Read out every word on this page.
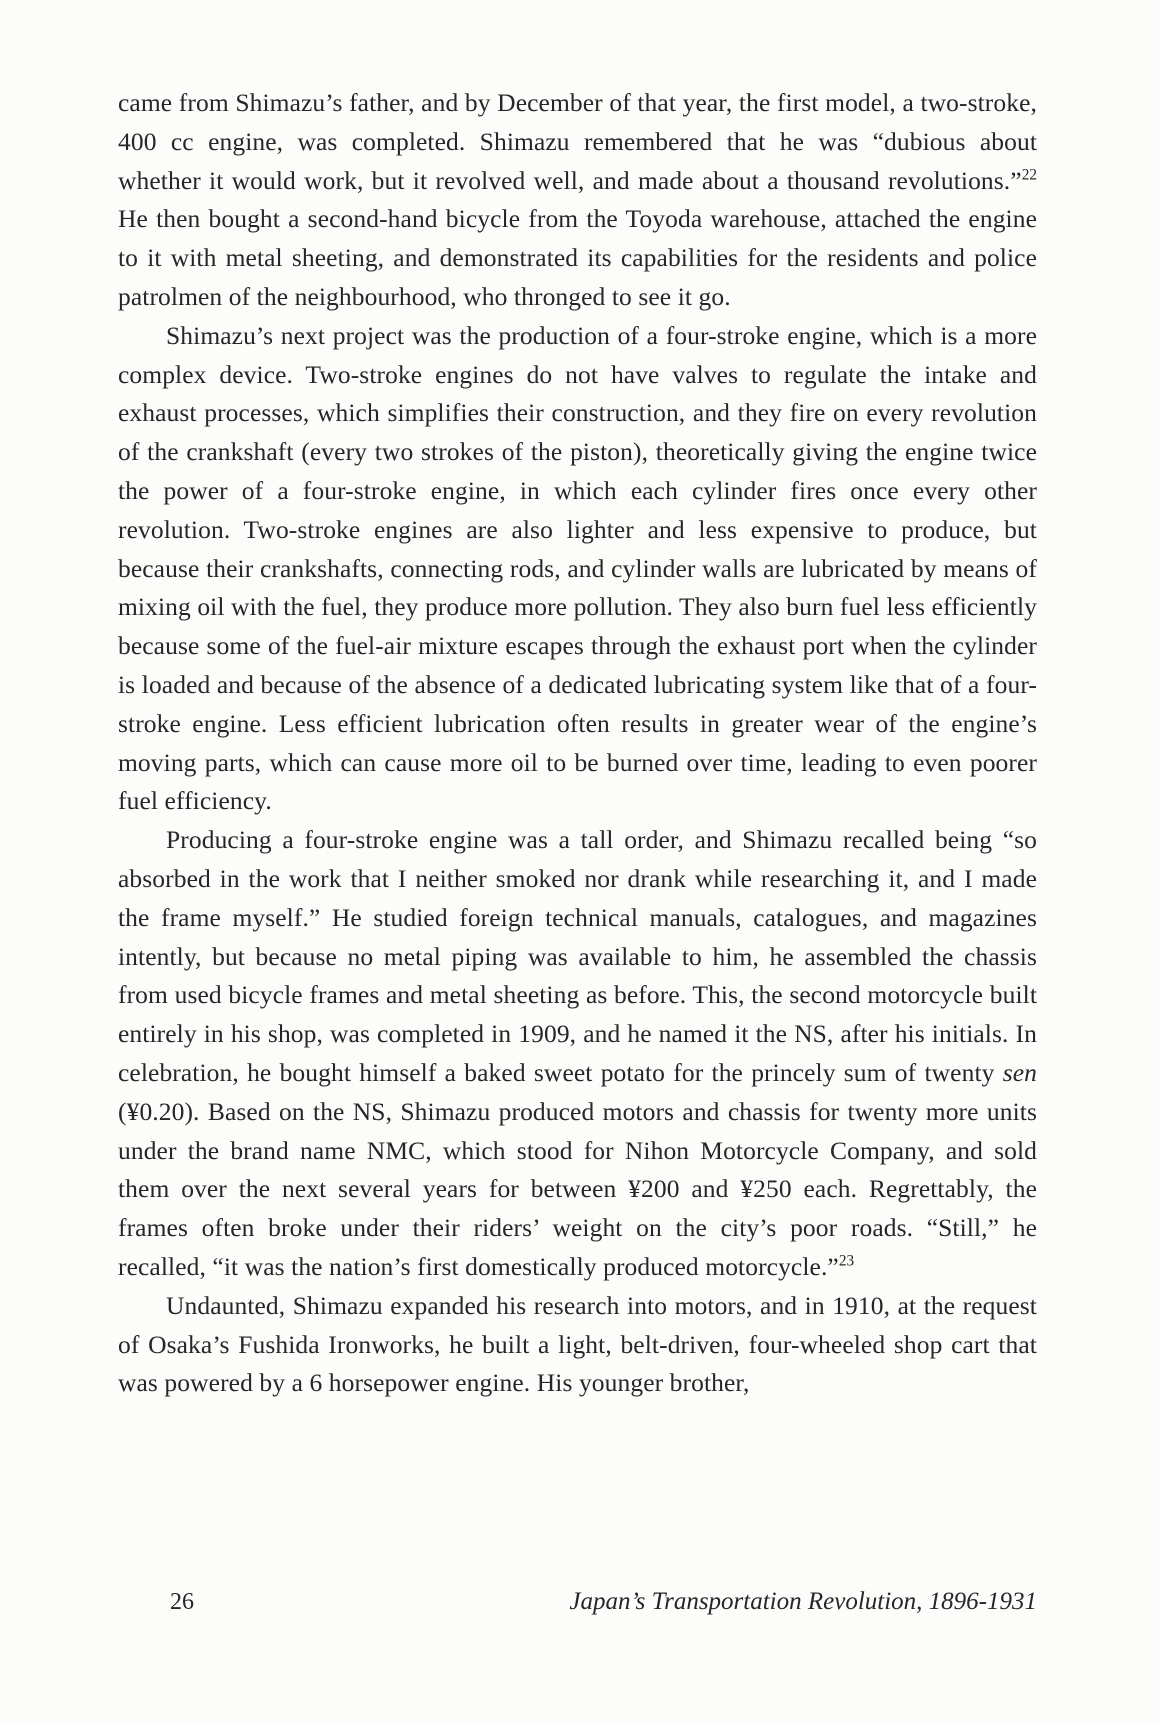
came from Shimazu’s father, and by December of that year, the first model, a two-stroke, 400 cc engine, was completed. Shimazu remembered that he was “dubious about whether it would work, but it revolved well, and made about a thousand revolutions.”$^{22}$ He then bought a second-hand bicycle from the Toyoda warehouse, attached the engine to it with metal sheeting, and demonstrated its capabilities for the residents and police patrolmen of the neighbourhood, who thronged to see it go.

Shimazu’s next project was the production of a four-stroke engine, which is a more complex device. Two-stroke engines do not have valves to regulate the intake and exhaust processes, which simplifies their construction, and they fire on every revolution of the crankshaft (every two strokes of the piston), theoretically giving the engine twice the power of a four-stroke engine, in which each cylinder fires once every other revolution. Two-stroke engines are also lighter and less expensive to produce, but because their crankshafts, connecting rods, and cylinder walls are lubricated by means of mixing oil with the fuel, they produce more pollution. They also burn fuel less efficiently because some of the fuel-air mixture escapes through the exhaust port when the cylinder is loaded and because of the absence of a dedicated lubricating system like that of a four-stroke engine. Less efficient lubrication often results in greater wear of the engine’s moving parts, which can cause more oil to be burned over time, leading to even poorer fuel efficiency.

Producing a four-stroke engine was a tall order, and Shimazu recalled being “so absorbed in the work that I neither smoked nor drank while researching it, and I made the frame myself.” He studied foreign technical manuals, catalogues, and magazines intently, but because no metal piping was available to him, he assembled the chassis from used bicycle frames and metal sheeting as before. This, the second motorcycle built entirely in his shop, was completed in 1909, and he named it the NS, after his initials. In celebration, he bought himself a baked sweet potato for the princely sum of twenty sen (¥0.20). Based on the NS, Shimazu produced motors and chassis for twenty more units under the brand name NMC, which stood for Nihon Motorcycle Company, and sold them over the next several years for between ¥200 and ¥250 each. Regrettably, the frames often broke under their riders’ weight on the city’s poor roads. “Still,” he recalled, “it was the nation’s first domestically produced motorcycle.”$^{23}$

Undaunted, Shimazu expanded his research into motors, and in 1910, at the request of Osaka’s Fushida Ironworks, he built a light, belt-driven, four-wheeled shop cart that was powered by a 6 horsepower engine. His younger brother,

26	Japan’s Transportation Revolution, 1896-1931
